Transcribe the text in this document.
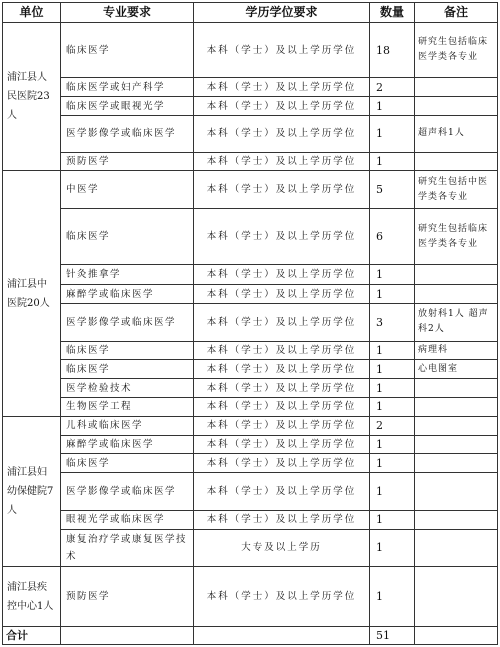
单位	专业要求	学历学位要求	数量	备注
浦江县人民医院23人	临床医学	本科（学士）及以上学历学位	18	研究生包括临床医学类各专业
	临床医学或妇产科学	本科（学士）及以上学历学位	2	
	临床医学或眼视光学	本科（学士）及以上学历学位	1	
	医学影像学或临床医学	本科（学士）及以上学历学位	1	超声科1人
	预防医学	本科（学士）及以上学历学位	1	
浦江县中医院20人	中医学	本科（学士）及以上学历学位	5	研究生包括中医学类各专业
	临床医学	本科（学士）及以上学历学位	6	研究生包括临床医学类各专业
	针灸推拿学	本科（学士）及以上学历学位	1	
	麻醉学或临床医学	本科（学士）及以上学历学位	1	
	医学影像学或临床医学	本科（学士）及以上学历学位	3	放射科1人 超声科2人
	临床医学	本科（学士）及以上学历学位	1	病理科
	临床医学	本科（学士）及以上学历学位	1	心电图室
	医学检验技术	本科（学士）及以上学历学位	1	
	生物医学工程	本科（学士）及以上学历学位	1	
浦江县妇幼保健院7人	儿科或临床医学	本科（学士）及以上学历学位	2	
	麻醉学或临床医学	本科（学士）及以上学历学位	1	
	临床医学	本科（学士）及以上学历学位	1	
	医学影像学或临床医学	本科（学士）及以上学历学位	1	
	眼视光学或临床医学	本科（学士）及以上学历学位	1	
	康复治疗学或康复医学技术	大专及以上学历	1	
浦江县疾控中心1人	预防医学	本科（学士）及以上学历学位	1	
合计			51	
